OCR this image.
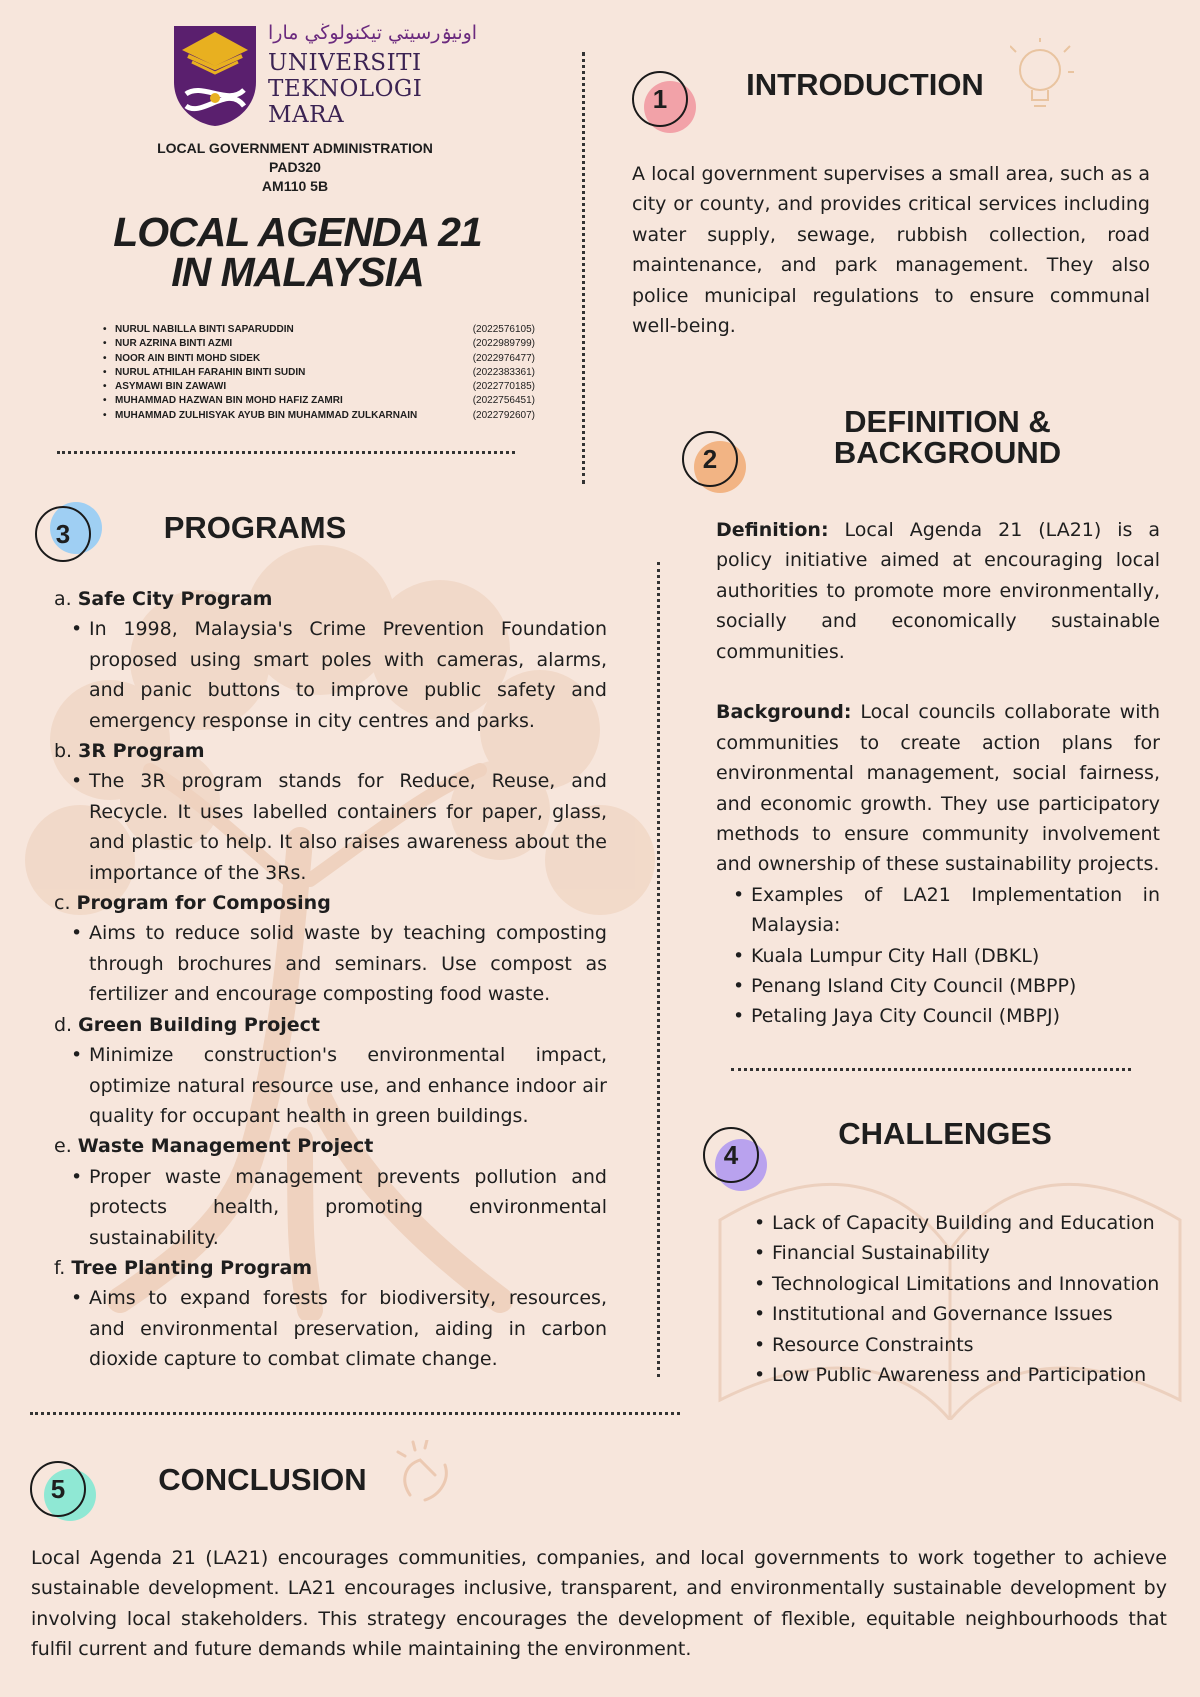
اونيۏرسيتي تيكنولوڬي مارا
UNIVERSITI
TEKNOLOGI
MARA
LOCAL GOVERNMENT ADMINISTRATION
PAD320
AM110 5B
LOCAL AGENDA 21 IN MALAYSIA
• NURUL NABILLA BINTI SAPARUDDIN	(2022576105)
• NUR AZRINA BINTI AZMI	(2022989799)
• NOOR AIN BINTI MOHD SIDEK	(2022976477)
• NURUL ATHILAH FARAHIN BINTI SUDIN	(2022383361)
• ASYMAWI BIN ZAWAWI	(2022770185)
• MUHAMMAD HAZWAN BIN MOHD HAFIZ ZAMRI	(2022756451)
• MUHAMMAD ZULHISYAK AYUB BIN MUHAMMAD ZULKARNAIN	(2022792607)
1	INTRODUCTION

A local government supervises a small area, such as a city or county, and provides critical services including water supply, sewage, rubbish collection, road maintenance, and park management. They also police municipal regulations to ensure communal well-being.

2
DEFINITION &
BACKGROUND

Definition: Local Agenda 21 (LA21) is a policy initiative aimed at encouraging local authorities to promote more environmentally, socially and economically sustainable communities.

Background: Local councils collaborate with communities to create action plans for environmental management, social fairness, and economic growth. They use participatory methods to ensure community involvement and ownership of these sustainability projects.

• Examples of LA21 Implementation in Malaysia:
• Kuala Lumpur City Hall (DBKL)
• Penang Island City Council (MBPP)
• Petaling Jaya City Council (MBPJ)
3	PROGRAMS
a. Safe City Program
• In 1998, Malaysia's Crime Prevention Foundation proposed using smart poles with cameras, alarms, and panic buttons to improve public safety and emergency response in city centres and parks.
b. 3R Program
• The 3R program stands for Reduce, Reuse, and Recycle. It uses labelled containers for paper, glass, and plastic to help. It also raises awareness about the importance of the 3Rs.
c. Program for Composing
• Aims to reduce solid waste by teaching composting through brochures and seminars. Use compost as fertilizer and encourage composting food waste.
d. Green Building Project
• Minimize construction's environmental impact, optimize natural resource use, and enhance indoor air quality for occupant health in green buildings.
e. Waste Management Project
• Proper waste management prevents pollution and protects health, promoting environmental sustainability.
f. Tree Planting Program
• Aims to expand forests for biodiversity, resources, and environmental preservation, aiding in carbon dioxide capture to combat climate change.
4
CHALLENGES
• Lack of Capacity Building and Education
• Financial Sustainability
• Technological Limitations and Innovation
• Institutional and Governance Issues
• Resource Constraints
• Low Public Awareness and Participation
5	CONCLUSION

Local Agenda 21 (LA21) encourages communities, companies, and local governments to work together to achieve sustainable development. LA21 encourages inclusive, transparent, and environmentally sustainable development by involving local stakeholders. This strategy encourages the development of flexible, equitable neighbourhoods that fulfil current and future demands while maintaining the environment.
